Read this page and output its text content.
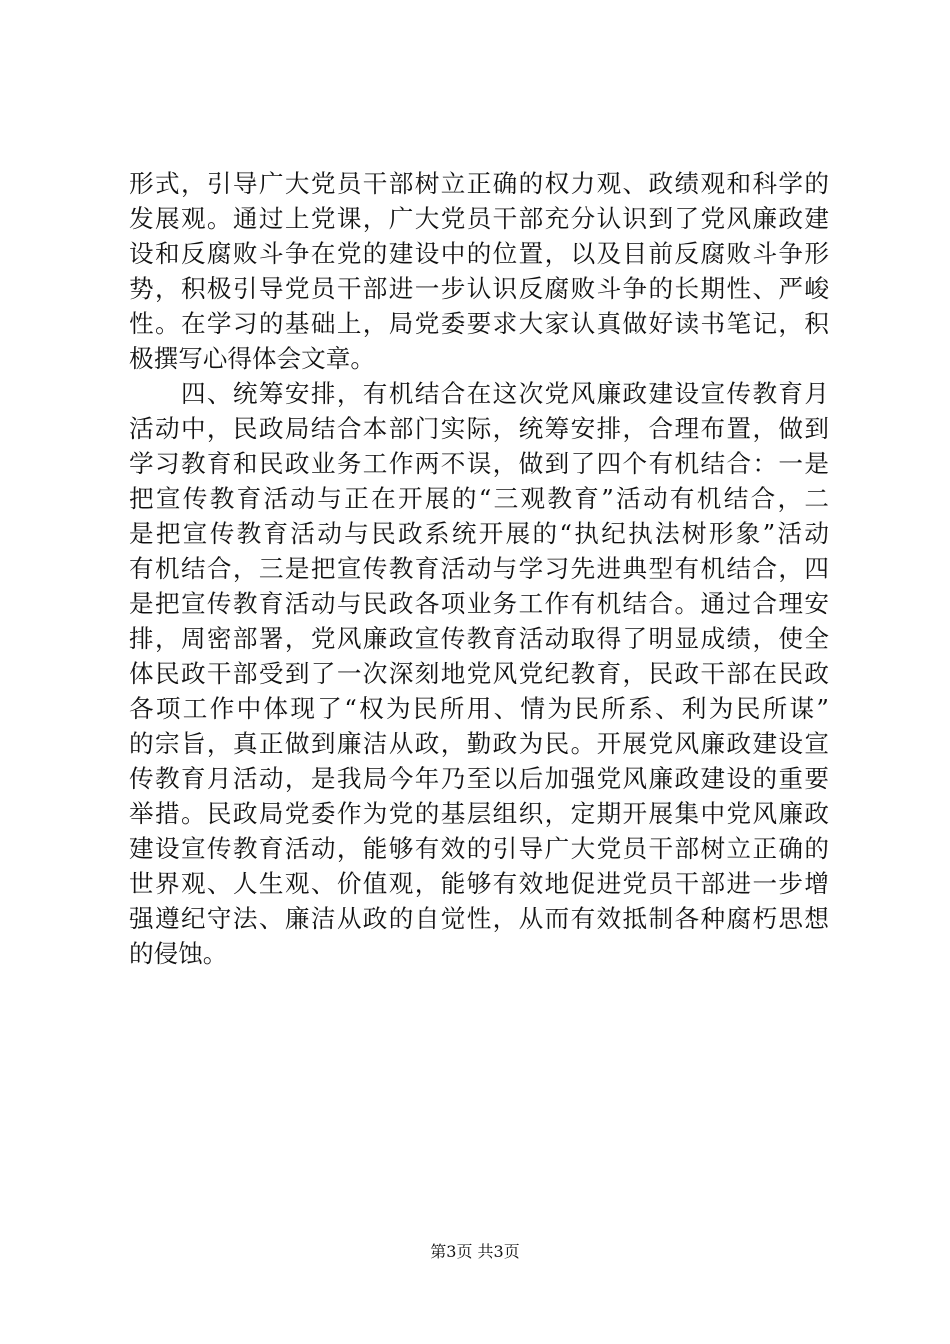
形式，引导广大党员干部树立正确的权力观、政绩观和科学的
发展观。通过上党课，广大党员干部充分认识到了党风廉政建
设和反腐败斗争在党的建设中的位置，以及目前反腐败斗争形
势，积极引导党员干部进一步认识反腐败斗争的长期性、严峻
性。在学习的基础上，局党委要求大家认真做好读书笔记，积
极撰写心得体会文章。
　　四、统筹安排，有机结合在这次党风廉政建设宣传教育月
活动中，民政局结合本部门实际，统筹安排，合理布置，做到
学习教育和民政业务工作两不误，做到了四个有机结合：一是
把宣传教育活动与正在开展的“三观教育”活动有机结合，二
是把宣传教育活动与民政系统开展的“执纪执法树形象”活动
有机结合，三是把宣传教育活动与学习先进典型有机结合，四
是把宣传教育活动与民政各项业务工作有机结合。通过合理安
排，周密部署，党风廉政宣传教育活动取得了明显成绩，使全
体民政干部受到了一次深刻地党风党纪教育，民政干部在民政
各项工作中体现了“权为民所用、情为民所系、利为民所谋”
的宗旨，真正做到廉洁从政，勤政为民。开展党风廉政建设宣
传教育月活动，是我局今年乃至以后加强党风廉政建设的重要
举措。民政局党委作为党的基层组织，定期开展集中党风廉政
建设宣传教育活动，能够有效的引导广大党员干部树立正确的
世界观、人生观、价值观，能够有效地促进党员干部进一步增
强遵纪守法、廉洁从政的自觉性，从而有效抵制各种腐朽思想
的侵蚀。
第3页 共3页
